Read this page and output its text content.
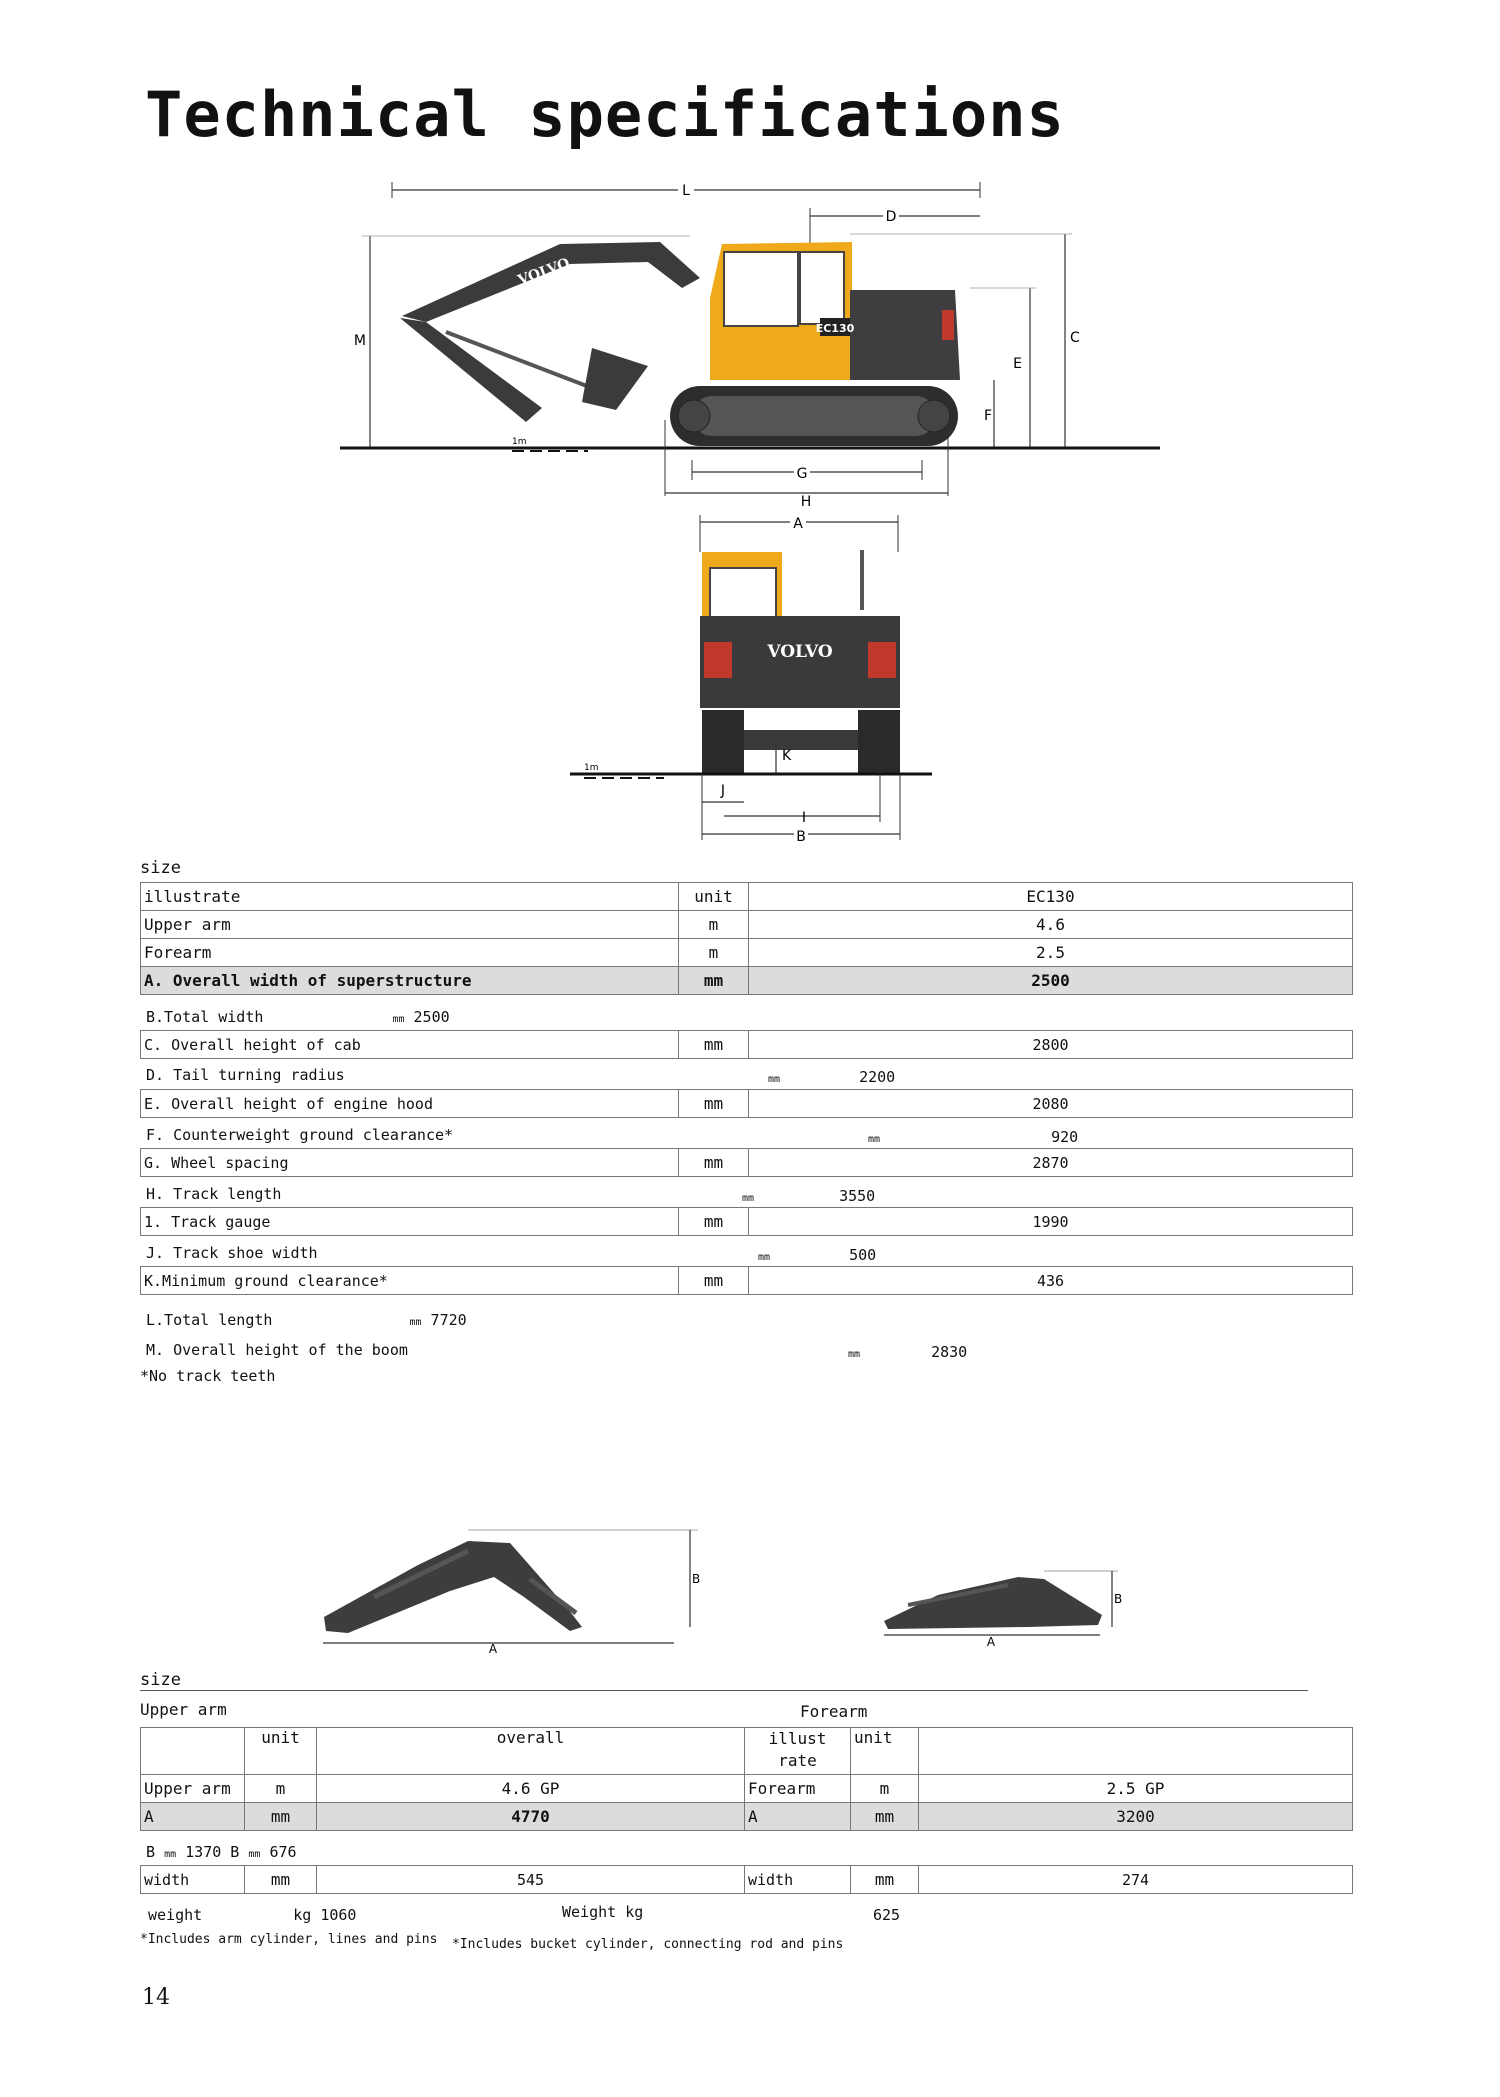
Technical specifications
L
D
M	C
E
F
1m
G
H
VOLVO
EC130
A
VOLVO
1m
K
J
I
B
size
illustrate	unit	EC130
Upper arm	m	4.6
Forearm	m	2.5
A. Overall width of superstructure	mm	2500
B.Total width	mm 2500
C. Overall height of cab	mm	2800
D. Tail turning radius	mm	2200
E. Overall height of engine hood	mm	2080
F. Counterweight ground clearance*	mm	920
G. Wheel spacing	mm	2870
H. Track length	mm	3550
1. Track gauge	mm	1990
J. Track shoe width	mm	500
K.Minimum ground clearance*	mm	436
L.Total length	mm 7720
M. Overall height of the boom	mm	2830
*No track teeth
B
A
B
A
size
Upper arm	Forearm
	unit	overall	illust rate	unit	
Upper arm	m	4.6 GP	Forearm	m	2.5 GP
A	mm	4770	A	mm	3200
B mm 1370 B mm 676
width	mm	545	width	mm	274
weight	kg 1060	Weight kg	625
*Includes arm cylinder, lines and pins *Includes bucket cylinder, connecting rod and pins
14
